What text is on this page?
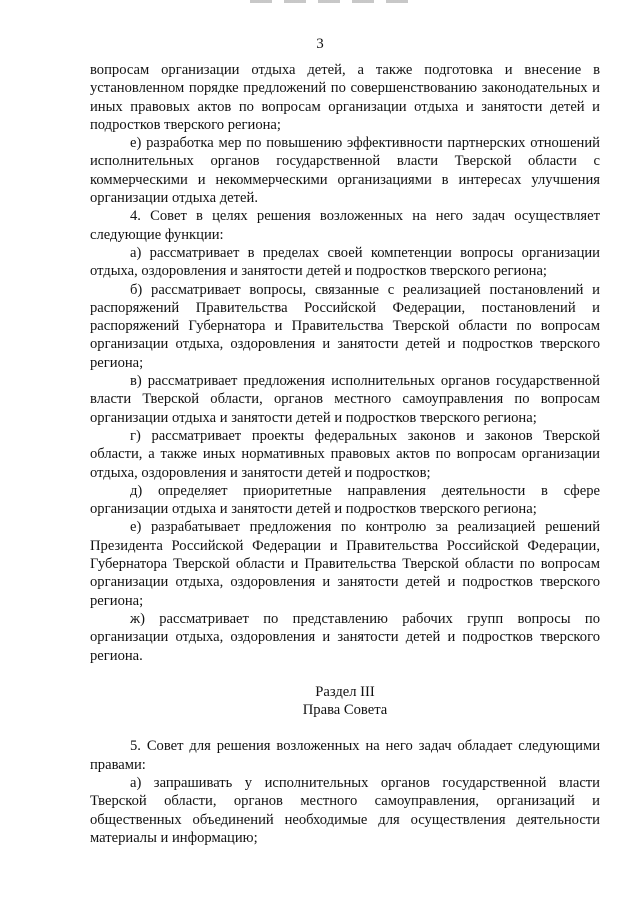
3

вопросам организации отдыха детей, а также подготовка и внесение в установленном порядке предложений по совершенствованию законодательных и иных правовых актов по вопросам организации отдыха и занятости детей и подростков тверского региона;

е) разработка мер по повышению эффективности партнерских отношений исполнительных органов государственной власти Тверской области с коммерческими и некоммерческими организациями в интересах улучшения организации отдыха детей.

4. Совет в целях решения возложенных на него задач осуществляет следующие функции:

а) рассматривает в пределах своей компетенции вопросы организации отдыха, оздоровления и занятости детей и подростков тверского региона;

б) рассматривает вопросы, связанные с реализацией постановлений и распоряжений Правительства Российской Федерации, постановлений и распоряжений Губернатора и Правительства Тверской области по вопросам организации отдыха, оздоровления и занятости детей и подростков тверского региона;

в) рассматривает предложения исполнительных органов государственной власти Тверской области, органов местного самоуправления по вопросам организации отдыха и занятости детей и подростков тверского региона;

г) рассматривает проекты федеральных законов и законов Тверской области, а также иных нормативных правовых актов по вопросам организации отдыха, оздоровления и занятости детей и подростков;

д) определяет приоритетные направления деятельности в сфере организации отдыха и занятости детей и подростков тверского региона;

е) разрабатывает предложения по контролю за реализацией решений Президента Российской Федерации и Правительства Российской Федерации, Губернатора Тверской области и Правительства Тверской области по вопросам организации отдыха, оздоровления и занятости детей и подростков тверского региона;

ж) рассматривает по представлению рабочих групп вопросы по организации отдыха, оздоровления и занятости детей и подростков тверского региона.

Раздел III

Права Совета

5. Совет для решения возложенных на него задач обладает следующими правами:

а) запрашивать у исполнительных органов государственной власти Тверской области, органов местного самоуправления, организаций и общественных объединений необходимые для осуществления деятельности материалы и информацию;
